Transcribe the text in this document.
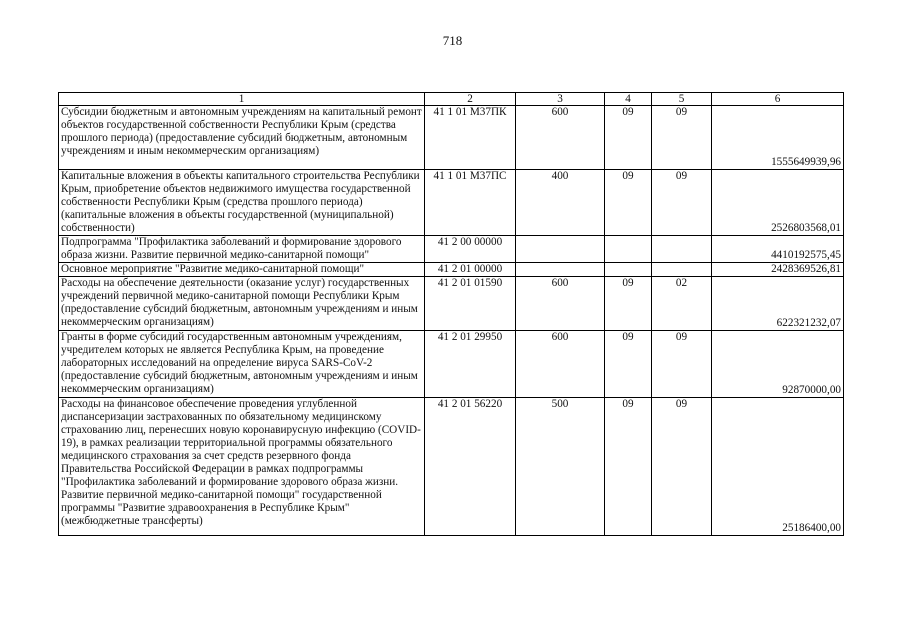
718
1	2	3	4	5	6
Субсидии бюджетным и автономным учреждениям на капитальный ремонт объектов государственной собственности Республики Крым (средства прошлого периода) (предоставление субсидий бюджетным, автономным учреждениям и иным некоммерческим организациям)	41 1 01 М37ПК	600	09	09	1555649939,96
Капитальные вложения в объекты капитального строительства Республики Крым, приобретение объектов недвижимого имущества государственной собственности Республики Крым (средства прошлого периода) (капитальные вложения в объекты государственной (муниципальной) собственности)	41 1 01 М37ПС	400	09	09	2526803568,01
Подпрограмма "Профилактика заболеваний и формирование здорового образа жизни. Развитие первичной медико-санитарной помощи"	41 2 00 00000				4410192575,45
Основное мероприятие "Развитие медико-санитарной помощи"	41 2 01 00000				2428369526,81
Расходы на обеспечение деятельности (оказание услуг) государственных учреждений первичной медико-санитарной помощи Республики Крым (предоставление субсидий бюджетным, автономным учреждениям и иным некоммерческим организациям)	41 2 01 01590	600	09	02	622321232,07
Гранты в форме субсидий государственным автономным учреждениям, учредителем которых не является Республика Крым, на проведение лабораторных исследований на определение вируса SARS-CoV-2 (предоставление субсидий бюджетным, автономным учреждениям и иным некоммерческим организациям)	41 2 01 29950	600	09	09	92870000,00
Расходы на финансовое обеспечение проведения углубленной диспансеризации застрахованных по обязательному медицинскому страхованию лиц, перенесших новую коронавирусную инфекцию (COVID-19), в рамках реализации территориальной программы обязательного медицинского страхования за счет средств резервного фонда Правительства Российской Федерации в рамках подпрограммы "Профилактика заболеваний и формирование здорового образа жизни. Развитие первичной медико-санитарной помощи" государственной программы "Развитие здравоохранения в Республике Крым" (межбюджетные трансферты)	41 2 01 56220	500	09	09	25186400,00
